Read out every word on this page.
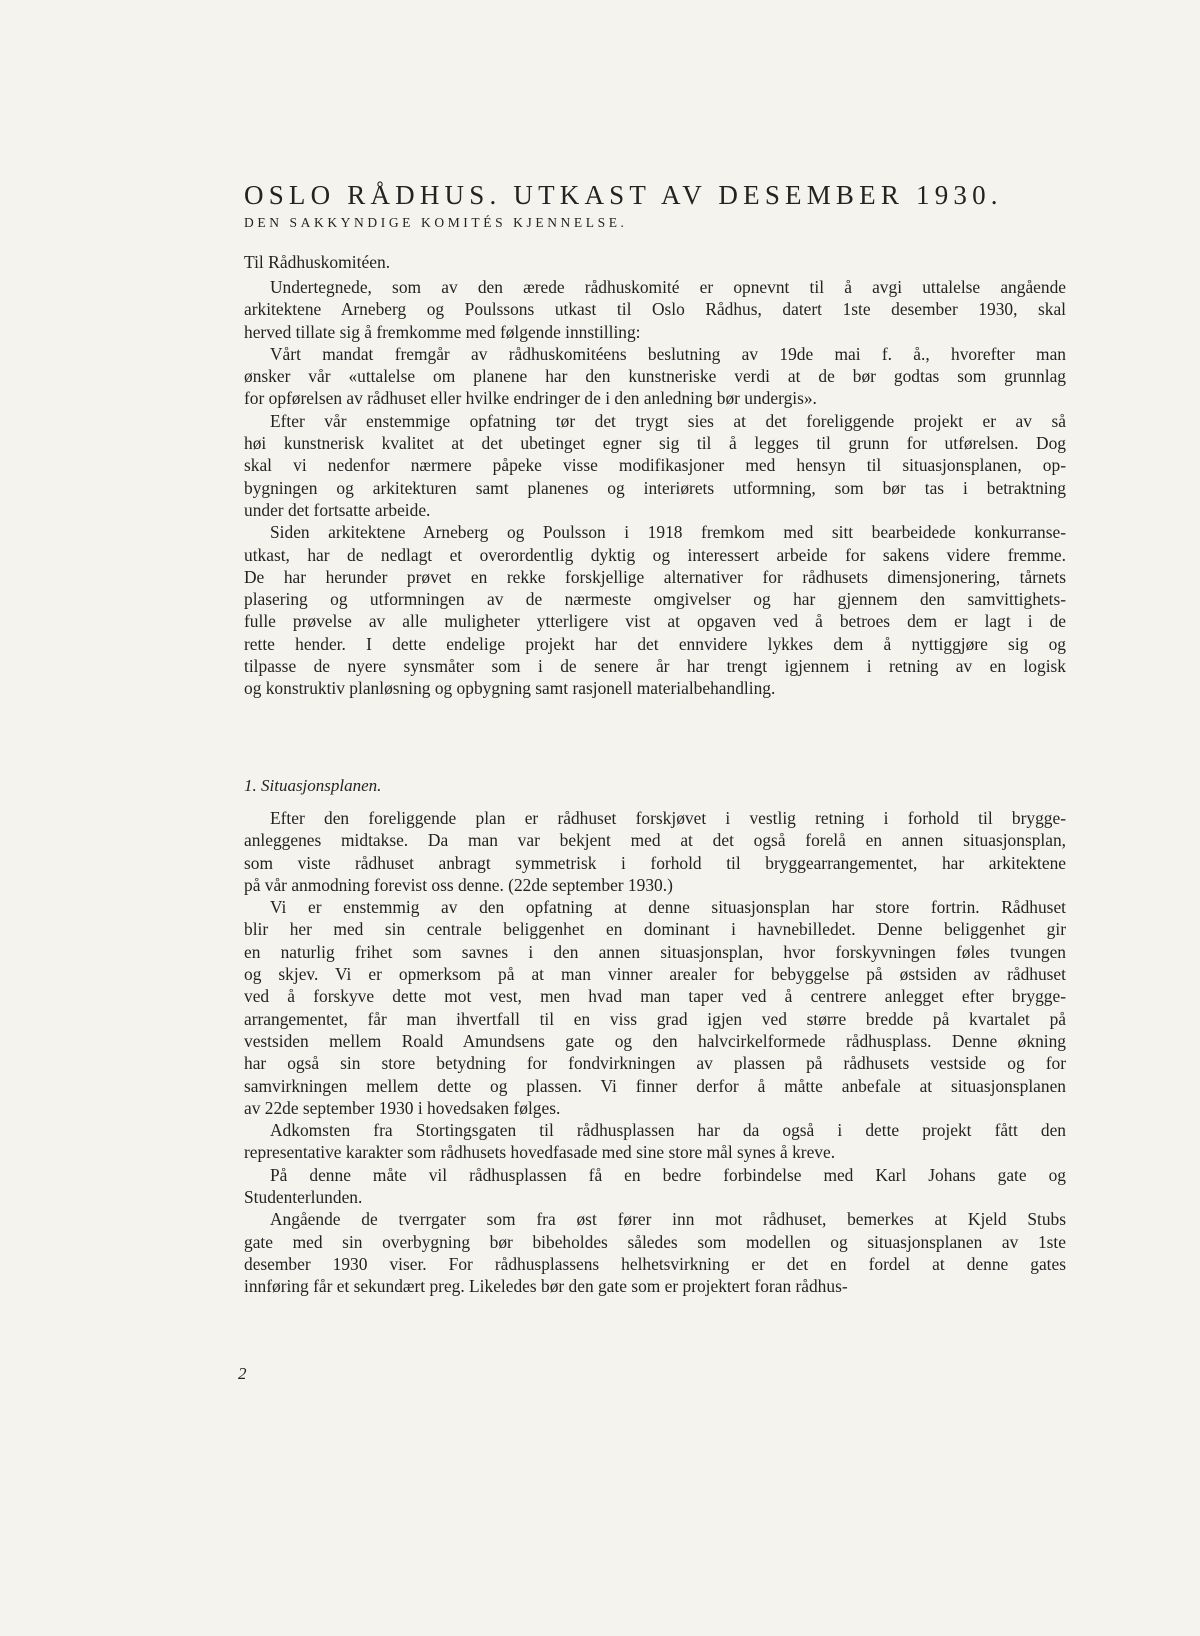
OSLO RÅDHUS. UTKAST AV DESEMBER 1930.
DEN SAKKYNDIGE KOMITÉS KJENNELSE.
Til Rådhuskomitéen.
Undertegnede, som av den ærede rådhuskomité er opnevnt til å avgi uttalelse angående
arkitektene Arneberg og Poulssons utkast til Oslo Rådhus, datert 1ste desember 1930, skal
herved tillate sig å fremkomme med følgende innstilling:
Vårt mandat fremgår av rådhuskomitéens beslutning av 19de mai f. å., hvorefter man
ønsker vår «uttalelse om planene har den kunstneriske verdi at de bør godtas som grunnlag
for opførelsen av rådhuset eller hvilke endringer de i den anledning bør undergis».
Efter vår enstemmige opfatning tør det trygt sies at det foreliggende projekt er av så
høi kunstnerisk kvalitet at det ubetinget egner sig til å legges til grunn for utførelsen. Dog
skal vi nedenfor nærmere påpeke visse modifikasjoner med hensyn til situasjonsplanen, op-
bygningen og arkitekturen samt planenes og interiørets utformning, som bør tas i betraktning
under det fortsatte arbeide.
Siden arkitektene Arneberg og Poulsson i 1918 fremkom med sitt bearbeidede konkurranse-
utkast, har de nedlagt et overordentlig dyktig og interessert arbeide for sakens videre fremme.
De har herunder prøvet en rekke forskjellige alternativer for rådhusets dimensjonering, tårnets
plasering og utformningen av de nærmeste omgivelser og har gjennem den samvittighets-
fulle prøvelse av alle muligheter ytterligere vist at opgaven ved å betroes dem er lagt i de
rette hender. I dette endelige projekt har det ennvidere lykkes dem å nyttiggjøre sig og
tilpasse de nyere synsmåter som i de senere år har trengt igjennem i retning av en logisk
og konstruktiv planløsning og opbygning samt rasjonell materialbehandling.
1. Situasjonsplanen.
Efter den foreliggende plan er rådhuset forskjøvet i vestlig retning i forhold til brygge-
anleggenes midtakse. Da man var bekjent med at det også forelå en annen situasjonsplan,
som viste rådhuset anbragt symmetrisk i forhold til bryggearrangementet, har arkitektene
på vår anmodning forevist oss denne. (22de september 1930.)
Vi er enstemmig av den opfatning at denne situasjonsplan har store fortrin. Rådhuset
blir her med sin centrale beliggenhet en dominant i havnebilledet. Denne beliggenhet gir
en naturlig frihet som savnes i den annen situasjonsplan, hvor forskyvningen føles tvungen
og skjev. Vi er opmerksom på at man vinner arealer for bebyggelse på østsiden av rådhuset
ved å forskyve dette mot vest, men hvad man taper ved å centrere anlegget efter brygge-
arrangementet, får man ihvertfall til en viss grad igjen ved større bredde på kvartalet på
vestsiden mellem Roald Amundsens gate og den halvcirkelformede rådhusplass. Denne økning
har også sin store betydning for fondvirkningen av plassen på rådhusets vestside og for
samvirkningen mellem dette og plassen. Vi finner derfor å måtte anbefale at situasjonsplanen
av 22de september 1930 i hovedsaken følges.
Adkomsten fra Stortingsgaten til rådhusplassen har da også i dette projekt fått den
representative karakter som rådhusets hovedfasade med sine store mål synes å kreve.
På denne måte vil rådhusplassen få en bedre forbindelse med Karl Johans gate og
Studenterlunden.
Angående de tverrgater som fra øst fører inn mot rådhuset, bemerkes at Kjeld Stubs
gate med sin overbygning bør bibeholdes således som modellen og situasjonsplanen av 1ste
desember 1930 viser. For rådhusplassens helhetsvirkning er det en fordel at denne gates
innføring får et sekundært preg. Likeledes bør den gate som er projektert foran rådhus-
2
